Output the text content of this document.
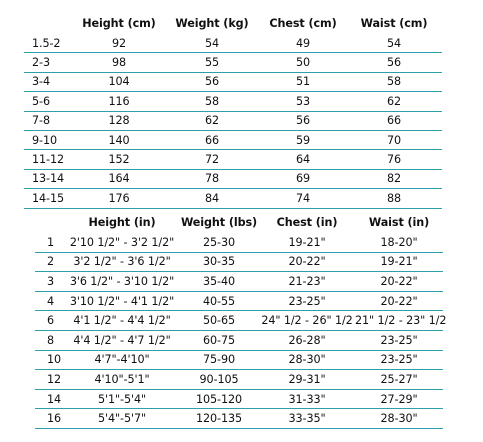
	Height (cm)	Weight (kg)	Chest (cm)	Waist (cm)
1.5-2	92	54	49	54
2-3	98	55	50	56
3-4	104	56	51	58
5-6	116	58	53	62
7-8	128	62	56	66
9-10	140	66	59	70
11-12	152	72	64	76
13-14	164	78	69	82
14-15	176	84	74	88
	Height (in)	Weight (lbs)	Chest (in)	Waist (in)
1	2'10 1/2" - 3'2 1/2"	25-30	19-21"	18-20"
2	3'2 1/2" - 3'6 1/2"	30-35	20-22"	19-21"
3	3'6 1/2" - 3'10 1/2"	35-40	21-23"	20-22"
4	3'10 1/2" - 4'1 1/2"	40-55	23-25"	20-22"
6	4'1 1/2" - 4'4 1/2"	50-65	24" 1/2 - 26" 1/2	21" 1/2 - 23" 1/2
8	4'4 1/2" - 4'7 1/2"	60-75	26-28"	23-25"
10	4'7"-4'10"	75-90	28-30"	23-25"
12	4'10"-5'1"	90-105	29-31"	25-27"
14	5'1"-5'4"	105-120	31-33"	27-29"
16	5'4"-5'7"	120-135	33-35"	28-30"
